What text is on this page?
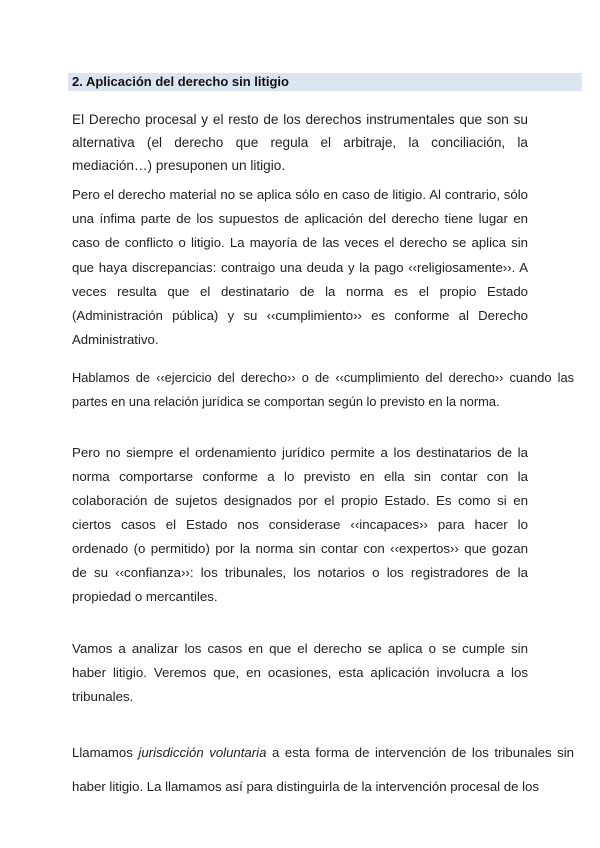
2. Aplicación del derecho sin litigio

El Derecho procesal y el resto de los derechos instrumentales que son su alternativa (el derecho que regula el arbitraje, la conciliación, la mediación…) presuponen un litigio.

Pero el derecho material no se aplica sólo en caso de litigio. Al contrario, sólo una ínfima parte de los supuestos de aplicación del derecho tiene lugar en caso de conflicto o litigio. La mayoría de las veces el derecho se aplica sin que haya discrepancias: contraigo una deuda y la pago ‹‹religiosamente››. A veces resulta que el destinatario de la norma es el propio Estado (Administración pública) y su ‹‹cumplimiento›› es conforme al Derecho Administrativo.

Hablamos de ‹‹ejercicio del derecho›› o de ‹‹cumplimiento del derecho›› cuando las partes en una relación jurídica se comportan según lo previsto en la norma.

Pero no siempre el ordenamiento jurídico permite a los destinatarios de la norma comportarse conforme a lo previsto en ella sin contar con la colaboración de sujetos designados por el propio Estado. Es como si en ciertos casos el Estado nos considerase ‹‹incapaces›› para hacer lo ordenado (o permitido) por la norma sin contar con ‹‹expertos›› que gozan de su ‹‹confianza››: los tribunales, los notarios o los registradores de la propiedad o mercantiles.

Vamos a analizar los casos en que el derecho se aplica o se cumple sin haber litigio. Veremos que, en ocasiones, esta aplicación involucra a los tribunales.

Llamamos jurisdicción voluntaria a esta forma de intervención de los tribunales sin haber litigio. La llamamos así para distinguirla de la intervención procesal de los
